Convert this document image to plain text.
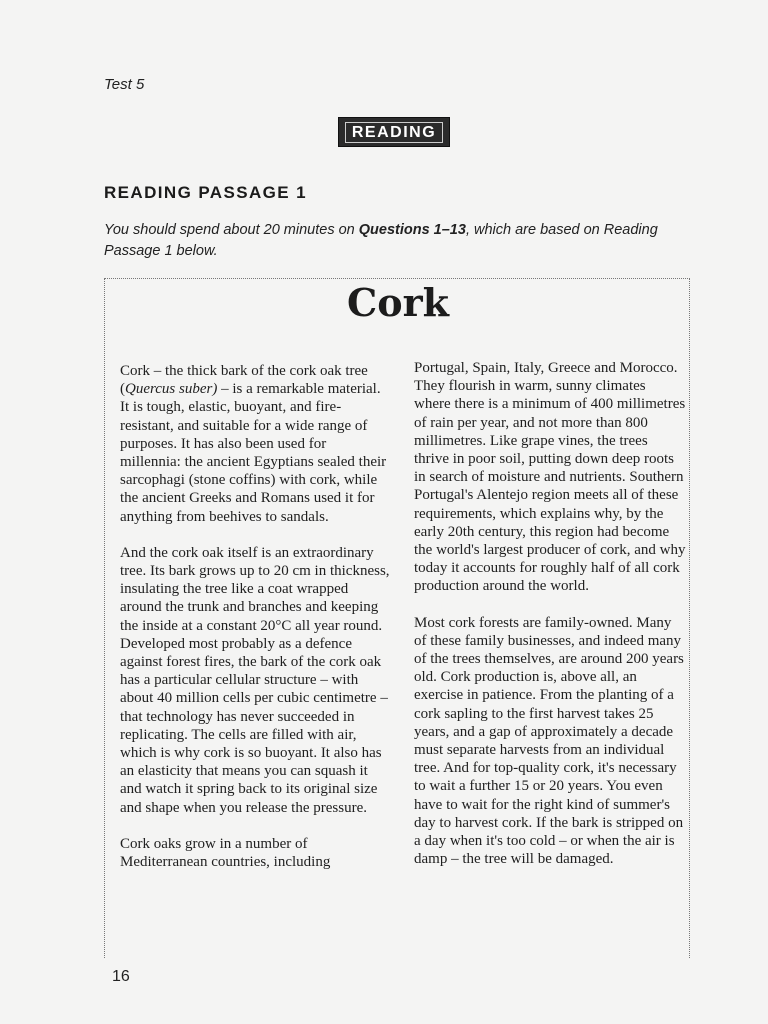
Test 5
READING
READING PASSAGE 1
You should spend about 20 minutes on Questions 1–13, which are based on Reading Passage 1 below.
Cork

Cork – the thick bark of the cork oak tree (Quercus suber) – is a remarkable material. It is tough, elastic, buoyant, and fire-resistant, and suitable for a wide range of purposes. It has also been used for millennia: the ancient Egyptians sealed their sarcophagi (stone coffins) with cork, while the ancient Greeks and Romans used it for anything from beehives to sandals.

And the cork oak itself is an extraordinary tree. Its bark grows up to 20 cm in thickness, insulating the tree like a coat wrapped around the trunk and branches and keeping the inside at a constant 20°C all year round. Developed most probably as a defence against forest fires, the bark of the cork oak has a particular cellular structure – with about 40 million cells per cubic centimetre – that technology has never succeeded in replicating. The cells are filled with air, which is why cork is so buoyant. It also has an elasticity that means you can squash it and watch it spring back to its original size and shape when you release the pressure.

Cork oaks grow in a number of Mediterranean countries, including

Portugal, Spain, Italy, Greece and Morocco. They flourish in warm, sunny climates where there is a minimum of 400 millimetres of rain per year, and not more than 800 millimetres. Like grape vines, the trees thrive in poor soil, putting down deep roots in search of moisture and nutrients. Southern Portugal's Alentejo region meets all of these requirements, which explains why, by the early 20th century, this region had become the world's largest producer of cork, and why today it accounts for roughly half of all cork production around the world.

Most cork forests are family-owned. Many of these family businesses, and indeed many of the trees themselves, are around 200 years old. Cork production is, above all, an exercise in patience. From the planting of a cork sapling to the first harvest takes 25 years, and a gap of approximately a decade must separate harvests from an individual tree. And for top-quality cork, it's necessary to wait a further 15 or 20 years. You even have to wait for the right kind of summer's day to harvest cork. If the bark is stripped on a day when it's too cold – or when the air is damp – the tree will be damaged.

16
